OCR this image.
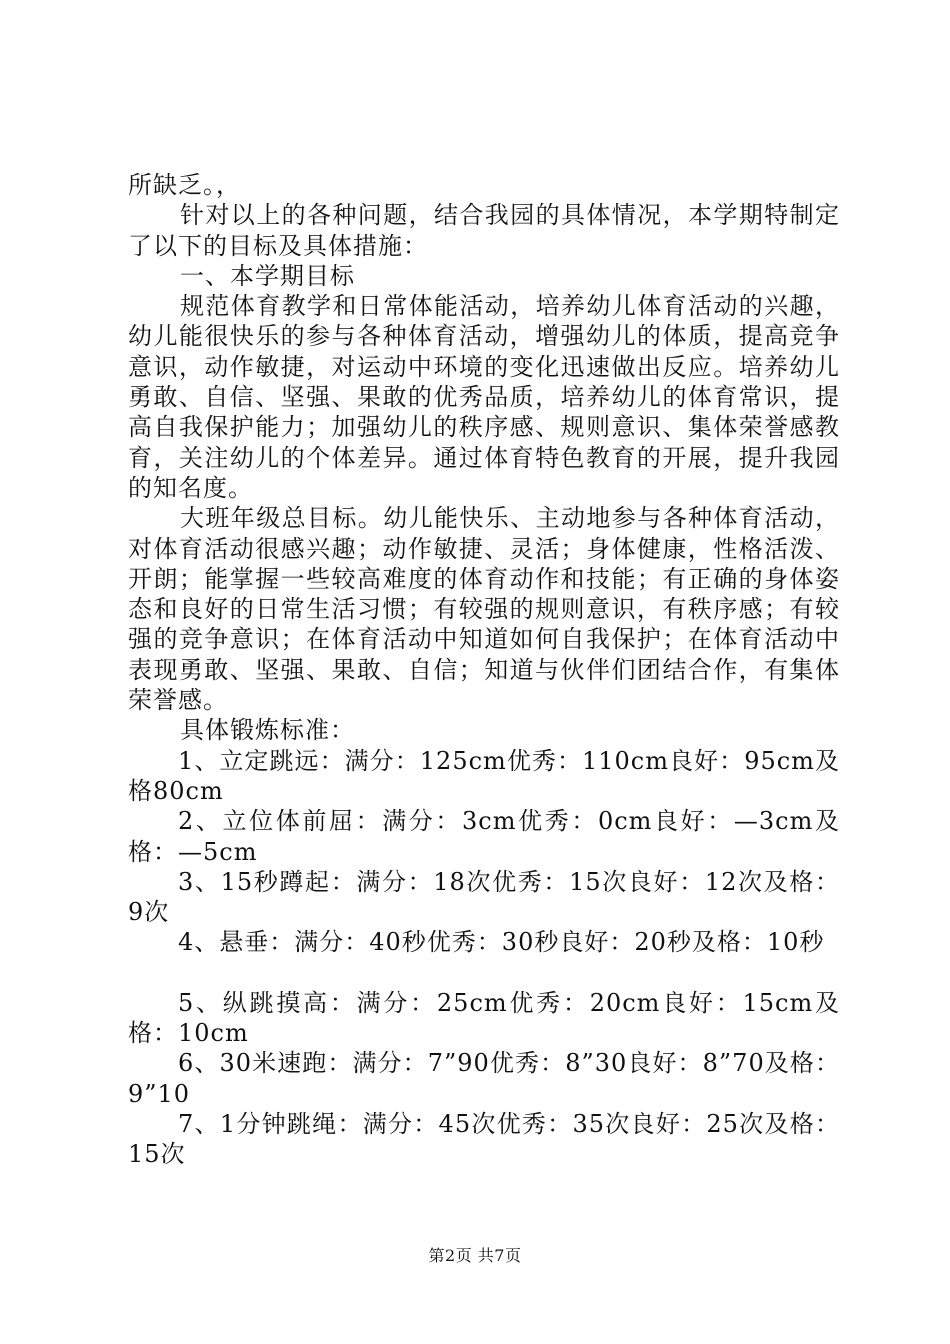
所缺乏。，

针对以上的各种问题，结合我园的具体情况，本学期特制定了以下的目标及具体措施：

一、本学期目标

规范体育教学和日常体能活动，培养幼儿体育活动的兴趣，幼儿能很快乐的参与各种体育活动，增强幼儿的体质，提高竞争意识，动作敏捷，对运动中环境的变化迅速做出反应。培养幼儿勇敢、自信、坚强、果敢的优秀品质，培养幼儿的体育常识，提高自我保护能力；加强幼儿的秩序感、规则意识、集体荣誉感教育，关注幼儿的个体差异。通过体育特色教育的开展，提升我园的知名度。

大班年级总目标。幼儿能快乐、主动地参与各种体育活动，对体育活动很感兴趣；动作敏捷、灵活；身体健康，性格活泼、开朗；能掌握一些较高难度的体育动作和技能；有正确的身体姿态和良好的日常生活习惯；有较强的规则意识，有秩序感；有较强的竞争意识；在体育活动中知道如何自我保护；在体育活动中表现勇敢、坚强、果敢、自信；知道与伙伴们团结合作，有集体荣誉感。

具体锻炼标准：

1、立定跳远：满分：125cm优秀：110cm良好：95cm及格80cm

2、立位体前屈：满分：3cm优秀：0cm良好：—3cm及格：—5cm

3、15秒蹲起：满分：18次优秀：15次良好：12次及格：9次

4、悬垂：满分：40秒优秀：30秒良好：20秒及格：10秒

5、纵跳摸高：满分：25cm优秀：20cm良好：15cm及格：10cm

6、30米速跑：满分：7”90优秀：8”30良好：8”70及格：9”10

7、1分钟跳绳：满分：45次优秀：35次良好：25次及格：15次

第2页 共7页
